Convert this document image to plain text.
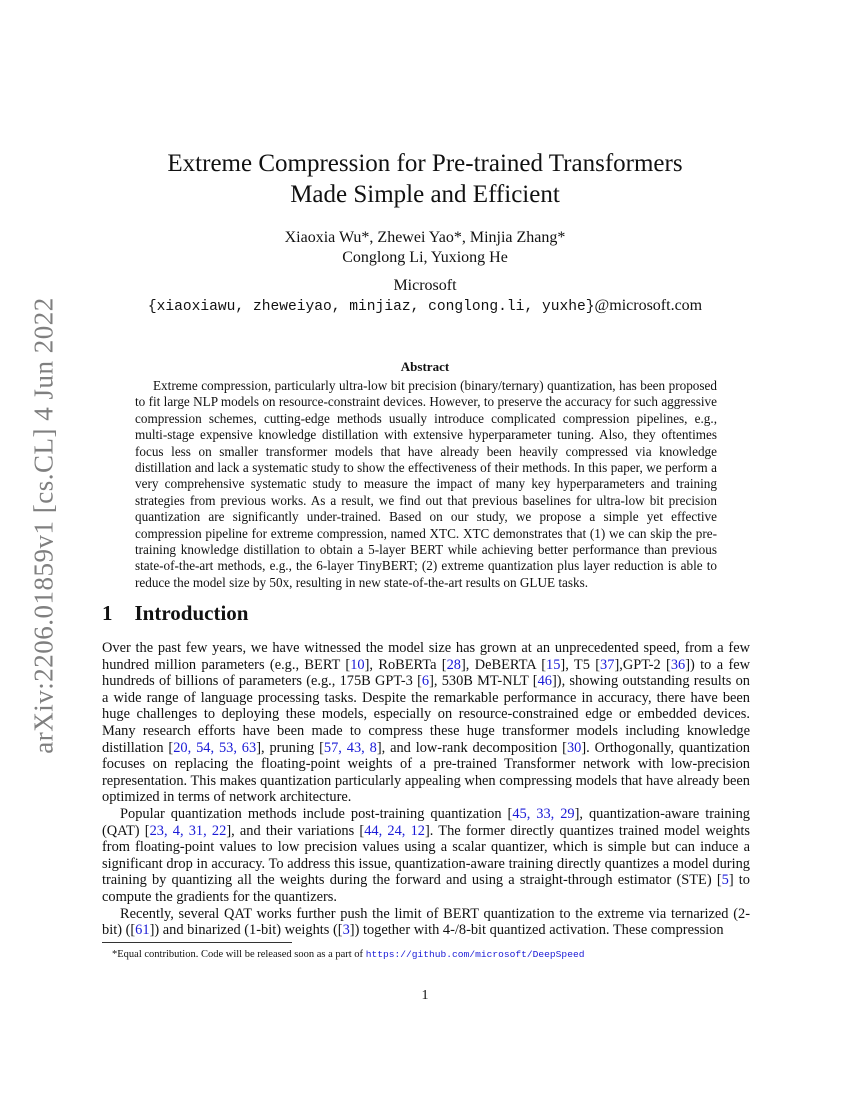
arXiv:2206.01859v1 [cs.CL] 4 Jun 2022
Extreme Compression for Pre-trained Transformers
Made Simple and Efficient
Xiaoxia Wu*, Zhewei Yao*, Minjia Zhang*
Conglong Li, Yuxiong He
Microsoft
{xiaoxiawu, zheweiyao, minjiaz, conglong.li, yuxhe}@microsoft.com
Abstract

Extreme compression, particularly ultra-low bit precision (binary/ternary) quantization, has been proposed to fit large NLP models on resource-constraint devices. However, to preserve the accuracy for such aggressive compression schemes, cutting-edge methods usually introduce complicated compression pipelines, e.g., multi-stage expensive knowledge distillation with extensive hyperparameter tuning. Also, they oftentimes focus less on smaller transformer models that have already been heavily compressed via knowledge distillation and lack a systematic study to show the effectiveness of their methods. In this paper, we perform a very comprehensive systematic study to measure the impact of many key hyperparameters and training strategies from previous works. As a result, we find out that previous baselines for ultra-low bit precision quantization are significantly under-trained. Based on our study, we propose a simple yet effective compression pipeline for extreme compression, named XTC. XTC demonstrates that (1) we can skip the pre-training knowledge distillation to obtain a 5-layer BERT while achieving better performance than previous state-of-the-art methods, e.g., the 6-layer TinyBERT; (2) extreme quantization plus layer reduction is able to reduce the model size by 50x, resulting in new state-of-the-art results on GLUE tasks.

1 Introduction

Over the past few years, we have witnessed the model size has grown at an unprecedented speed, from a few hundred million parameters (e.g., BERT [10], RoBERTa [28], DeBERTA [15], T5 [37],GPT-2 [36]) to a few hundreds of billions of parameters (e.g., 175B GPT-3 [6], 530B MT-NLT [46]), showing outstanding results on a wide range of language processing tasks. Despite the remarkable performance in accuracy, there have been huge challenges to deploying these models, especially on resource-constrained edge or embedded devices. Many research efforts have been made to compress these huge transformer models including knowledge distillation [20, 54, 53, 63], pruning [57, 43, 8], and low-rank decomposition [30]. Orthogonally, quantization focuses on replacing the floating-point weights of a pre-trained Transformer network with low-precision representation. This makes quantization particularly appealing when compressing models that have already been optimized in terms of network architecture.

Popular quantization methods include post-training quantization [45, 33, 29], quantization-aware training (QAT) [23, 4, 31, 22], and their variations [44, 24, 12]. The former directly quantizes trained model weights from floating-point values to low precision values using a scalar quantizer, which is simple but can induce a significant drop in accuracy. To address this issue, quantization-aware training directly quantizes a model during training by quantizing all the weights during the forward and using a straight-through estimator (STE) [5] to compute the gradients for the quantizers.

Recently, several QAT works further push the limit of BERT quantization to the extreme via ternarized (2-bit) ([61]) and binarized (1-bit) weights ([3]) together with 4-/8-bit quantized activation. These compression

*Equal contribution. Code will be released soon as a part of https://github.com/microsoft/DeepSpeed
1
